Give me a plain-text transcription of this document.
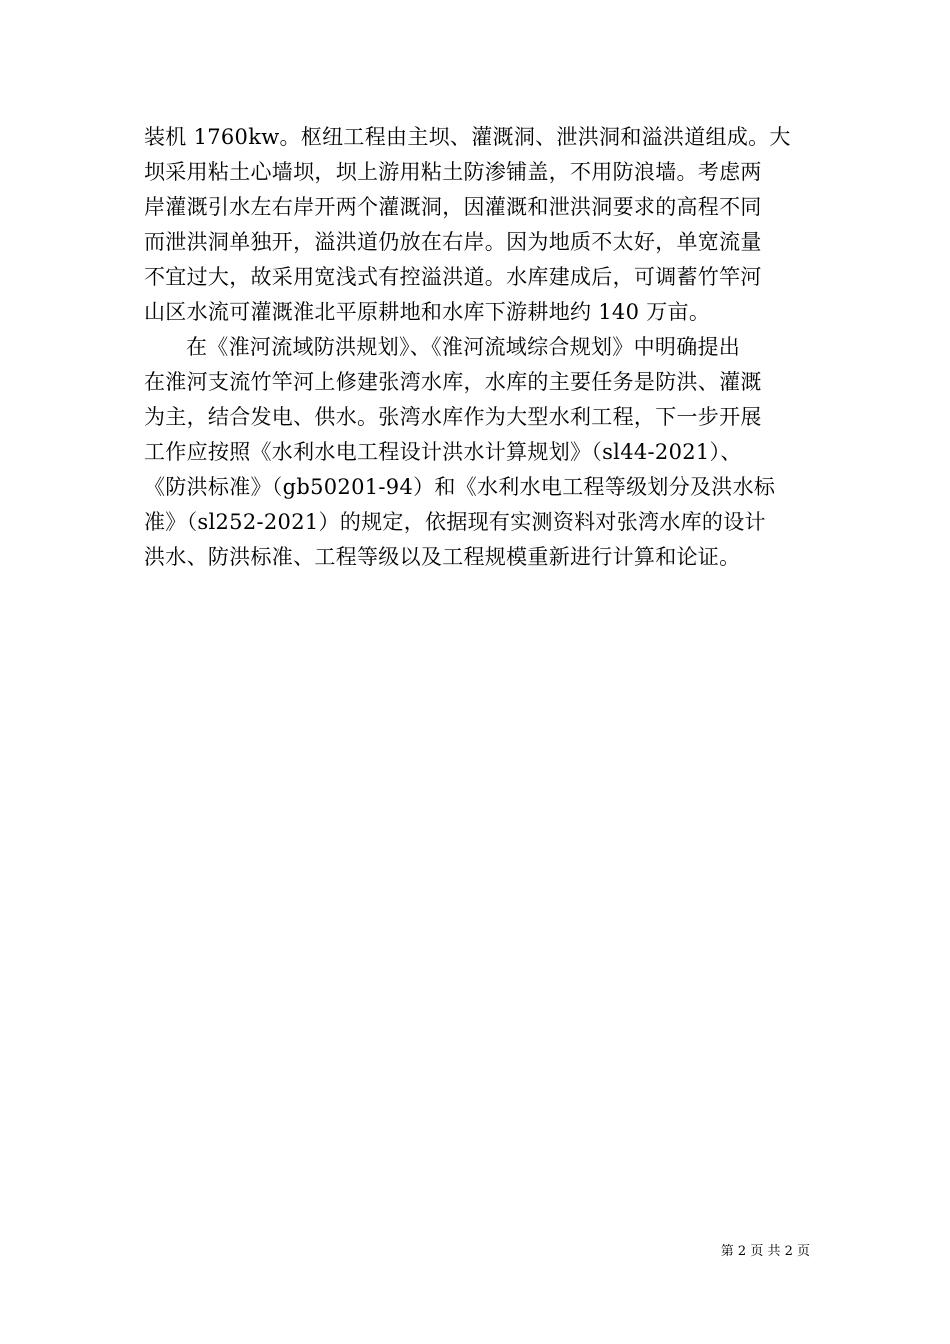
装机 1760kw。枢纽工程由主坝、灌溉洞、泄洪洞和溢洪道组成。大
坝采用粘土心墙坝，坝上游用粘土防渗铺盖，不用防浪墙。考虑两
岸灌溉引水左右岸开两个灌溉洞，因灌溉和泄洪洞要求的高程不同
而泄洪洞单独开，溢洪道仍放在右岸。因为地质不太好，单宽流量
不宜过大，故采用宽浅式有控溢洪道。水库建成后，可调蓄竹竿河
山区水流可灌溉淮北平原耕地和水库下游耕地约 140 万亩。
在《淮河流域防洪规划》、《淮河流域综合规划》中明确提出
在淮河支流竹竿河上修建张湾水库，水库的主要任务是防洪、灌溉
为主，结合发电、供水。张湾水库作为大型水利工程，下一步开展
工作应按照《水利水电工程设计洪水计算规划》（sl44-2021）、
《防洪标准》（gb50201-94）和《水利水电工程等级划分及洪水标
准》（sl252-2021）的规定，依据现有实测资料对张湾水库的设计
洪水、防洪标准、工程等级以及工程规模重新进行计算和论证。
第 2 页 共 2 页
